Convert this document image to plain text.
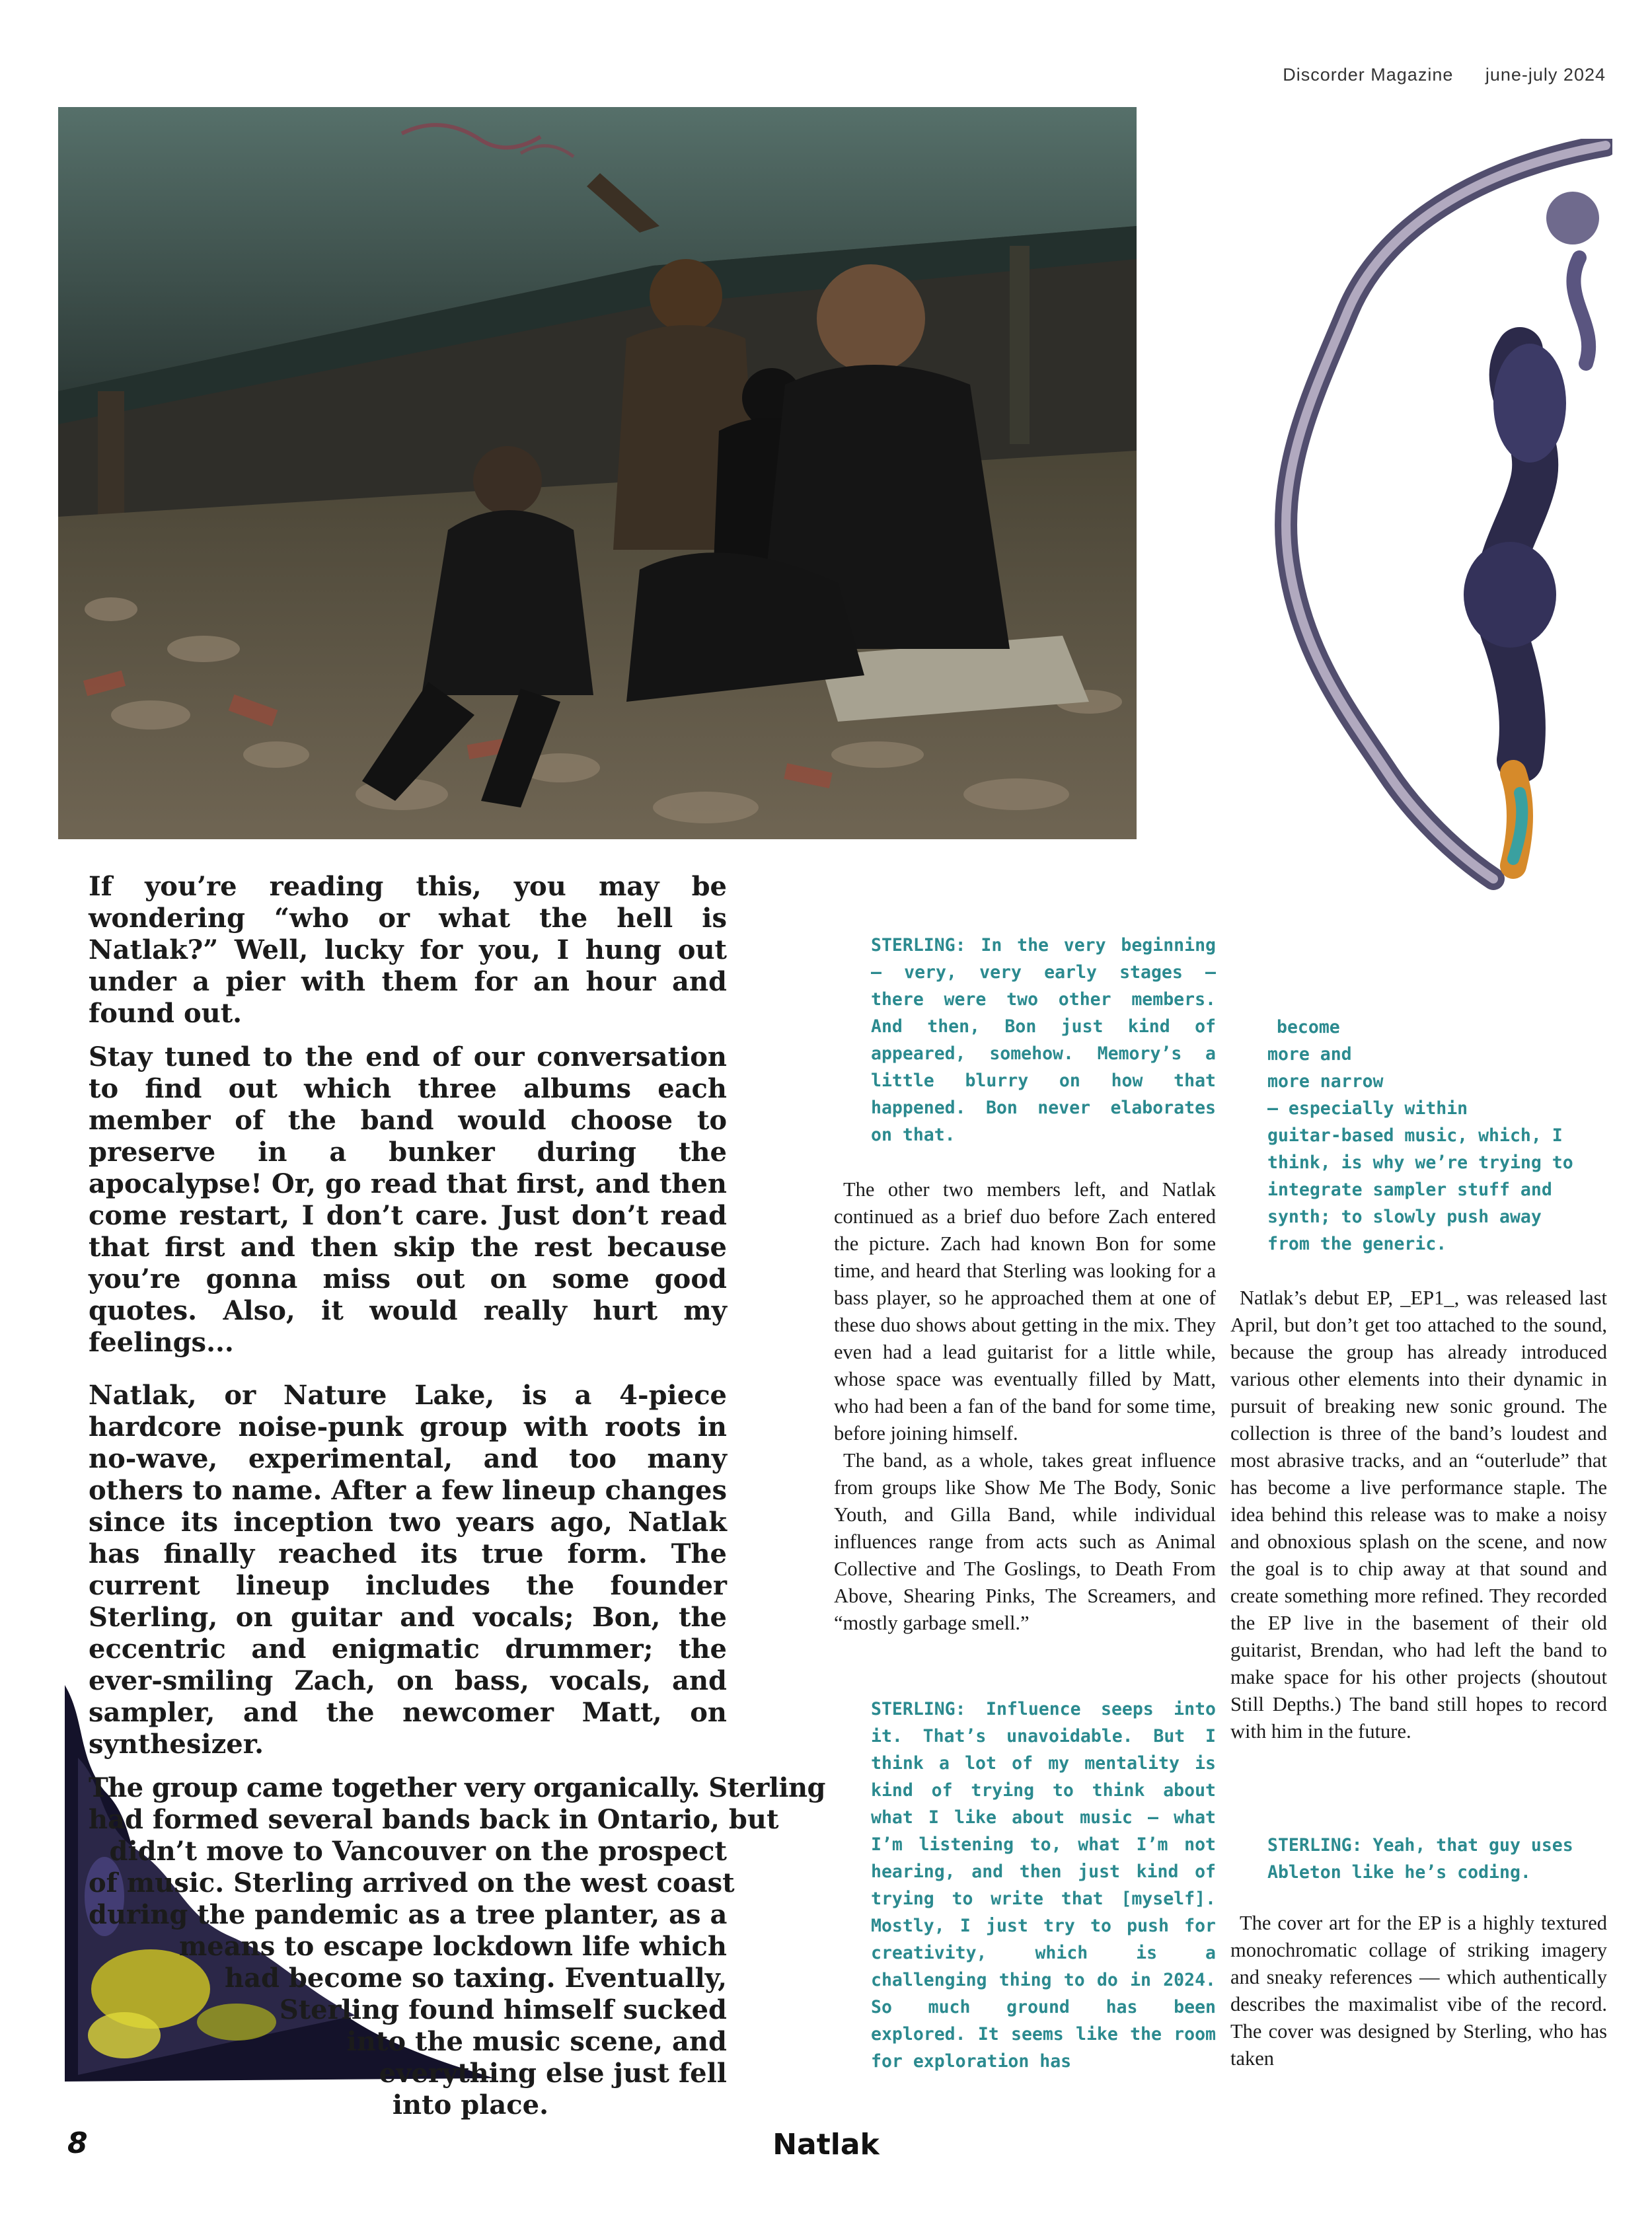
Discorder Magazine june-july 2024

If you’re reading this, you may be wondering “who or what the hell is Natlak?” Well, lucky for you, I hung out under a pier with them for an hour and found out.

Stay tuned to the end of our conversation to find out which three albums each member of the band would choose to preserve in a bunker during the apocalypse! Or, go read that first, and then come restart, I don’t care. Just don’t read that first and then skip the rest because you’re gonna miss out on some good quotes. Also, it would really hurt my feelings...

Natlak, or Nature Lake, is a 4-piece hardcore noise-punk group with roots in no-wave, experimental, and too many others to name. After a few lineup changes since its inception two years ago, Natlak has finally reached its true form. The current lineup includes the founder Sterling, on guitar and vocals; Bon, the eccentric and enigmatic drummer; the ever-smiling Zach, on bass, vocals, and sampler, and the newcomer Matt, on synthesizer.

The group came together very organically. Sterling
had formed several bands back in Ontario, but
didn’t move to Vancouver on the prospect
of music. Sterling arrived on the west coast
during the pandemic as a tree planter, as a
means to escape lockdown life which
had become so taxing. Eventually,
Sterling found himself sucked
into the music scene, and
everything else just fell
into place.

STERLING: In the very beginning — very, very early stages — there were two other members. And then, Bon just kind of appeared, somehow. Memory’s a little blurry on how that happened. Bon never elaborates on that.

The other two members left, and Natlak continued as a brief duo before Zach entered the picture. Zach had known Bon for some time, and heard that Sterling was looking for a bass player, so he approached them at one of these duo shows about getting in the mix. They even had a lead guitarist for a little while, whose space was eventually filled by Matt, who had been a fan of the band for some time, before joining himself.

The band, as a whole, takes great influence from groups like Show Me The Body, Sonic Youth, and Gilla Band, while individual influences range from acts such as Animal Collective and The Goslings, to Death From Above, Shearing Pinks, The Screamers, and “mostly garbage smell.”

STERLING: Influence seeps into it. That’s unavoidable. But I think a lot of my mentality is kind of trying to think about what I like about music — what I’m listening to, what I’m not hearing, and then just kind of trying to write that [myself]. Mostly, I just try to push for creativity, which is a challenging thing to do in 2024. So much ground has been explored. It seems like the room for exploration has

become

more and

more narrow

— especially within

guitar-based music, which, I

think, is why we’re trying to

integrate sampler stuff and

synth; to slowly push away

from the generic.

Natlak’s debut EP, _EP1_, was released last April, but don’t get too attached to the sound, because the group has already introduced various other elements into their dynamic in pursuit of breaking new sonic ground. The collection is three of the band’s loudest and most abrasive tracks, and an “outerlude” that has become a live performance staple. The idea behind this release was to make a noisy and obnoxious splash on the scene, and now the goal is to chip away at that sound and create something more refined. They recorded the EP live in the basement of their old guitarist, Brendan, who had left the band to make space for his other projects (shoutout Still Depths.) The band still hopes to record with him in the future.

STERLING: Yeah, that guy uses Ableton like he’s coding.

The cover art for the EP is a highly textured monochromatic collage of striking imagery and sneaky references — which authentically describes the maximalist vibe of the record. The cover was designed by Sterling, who has taken

8	Natlak
